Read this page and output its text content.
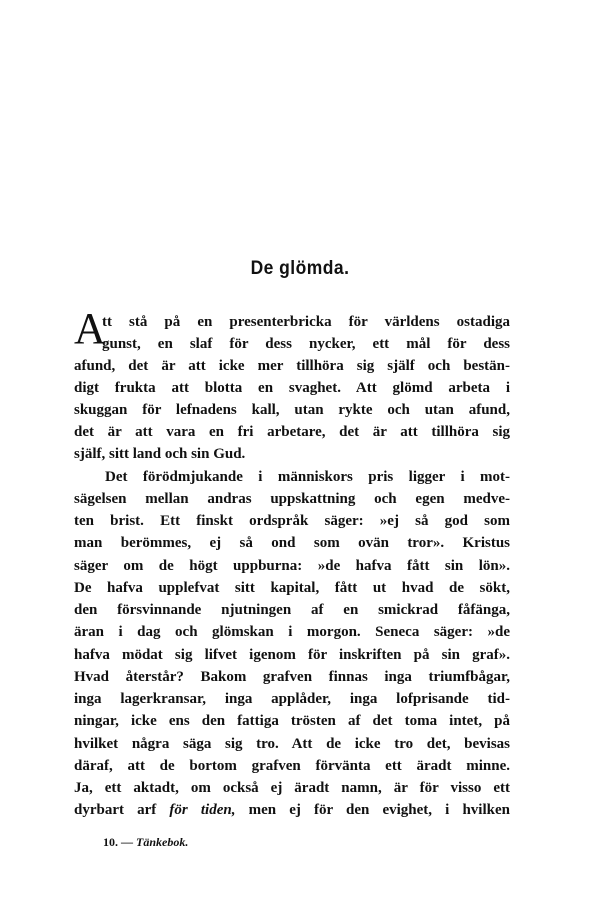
De glömda.
A
tt stå på en presenterbricka för världens ostadiga
gunst, en slaf för dess nycker, ett mål för dess
afund, det är att icke mer tillhöra sig själf och bestän-
digt frukta att blotta en svaghet. Att glömd arbeta i
skuggan för lefnadens kall, utan rykte och utan afund,
det är att vara en fri arbetare, det är att tillhöra sig
själf, sitt land och sin Gud.
Det förödmjukande i människors pris ligger i mot-
sägelsen mellan andras uppskattning och egen medve-
ten brist. Ett finskt ordspråk säger: »ej så god som
man berömmes, ej så ond som ovän tror». Kristus
säger om de högt uppburna: »de hafva fått sin lön».
De hafva upplefvat sitt kapital, fått ut hvad de sökt,
den försvinnande njutningen af en smickrad fåfänga,
äran i dag och glömskan i morgon. Seneca säger: »de
hafva mödat sig lifvet igenom för inskriften på sin graf».
Hvad återstår? Bakom grafven finnas inga triumfbågar,
inga lagerkransar, inga applåder, inga lofprisande tid-
ningar, icke ens den fattiga trösten af det toma intet, på
hvilket några säga sig tro. Att de icke tro det, bevisas
däraf, att de bortom grafven förvänta ett äradt minne.
Ja, ett aktadt, om också ej äradt namn, är för visso ett
dyrbart arf för tiden, men ej för den evighet, i hvilken
10. — Tänkebok.
